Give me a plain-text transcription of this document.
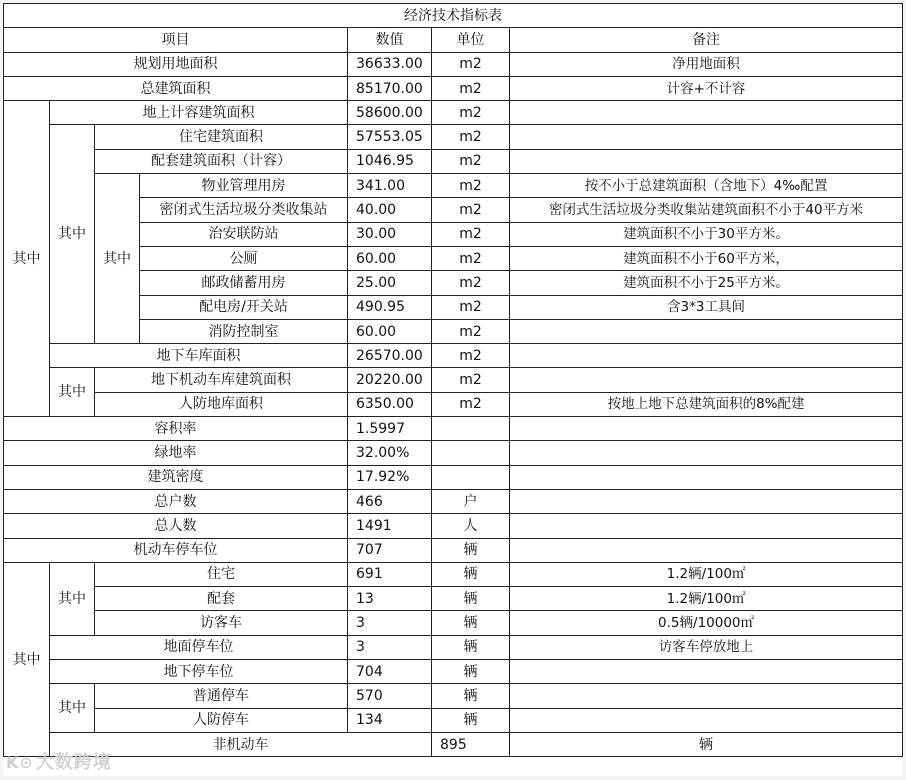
经济技术指标表							
项目				数值	单位	备注	
规划用地面积				36633.00	m2	净用地面积	
总建筑面积				85170.00	m2	计容+不计容	
其中	地上计容建筑面积			58600.00	m2		
	其中	住宅建筑面积		57553.05	m2		
		配套建筑面积（计容）		1046.95	m2		
		其中	物业管理用房	341.00	m2	按不小于总建筑面积（含地下）4‰配置	
			密闭式生活垃圾分类收集站	40.00	m2	密闭式生活垃圾分类收集站建筑面积不小于40平方米	
			治安联防站	30.00	m2	建筑面积不小于30平方米。	
			公厕	60.00	m2	建筑面积不小于60平方米，	
			邮政储蓄用房	25.00	m2	建筑面积不小于25平方米。	
			配电房/开关站	490.95	m2	含3*3工具间	
			消防控制室	60.00	m2		
	地下车库面积			26570.00	m2		
	其中	地下机动车库建筑面积		20220.00	m2		
		人防地库面积		6350.00	m2	按地上地下总建筑面积的8%配建	
容积率				1.5997			
绿地率				32.00%			
建筑密度				17.92%			
总户数				466	户		
总人数				1491	人		
机动车停车位				707	辆		
其中	其中	住宅		691	辆	1.2辆/100㎡	
		配套		13	辆	1.2辆/100㎡	
		访客车		3	辆	0.5辆/10000㎡	
	地面停车位			3	辆	访客车停放地上	
	地下停车位			704	辆		
	其中	普通停车		570	辆		
		人防停车		134	辆		
	非机动车				895	辆	
K⊙ 大数跨境
